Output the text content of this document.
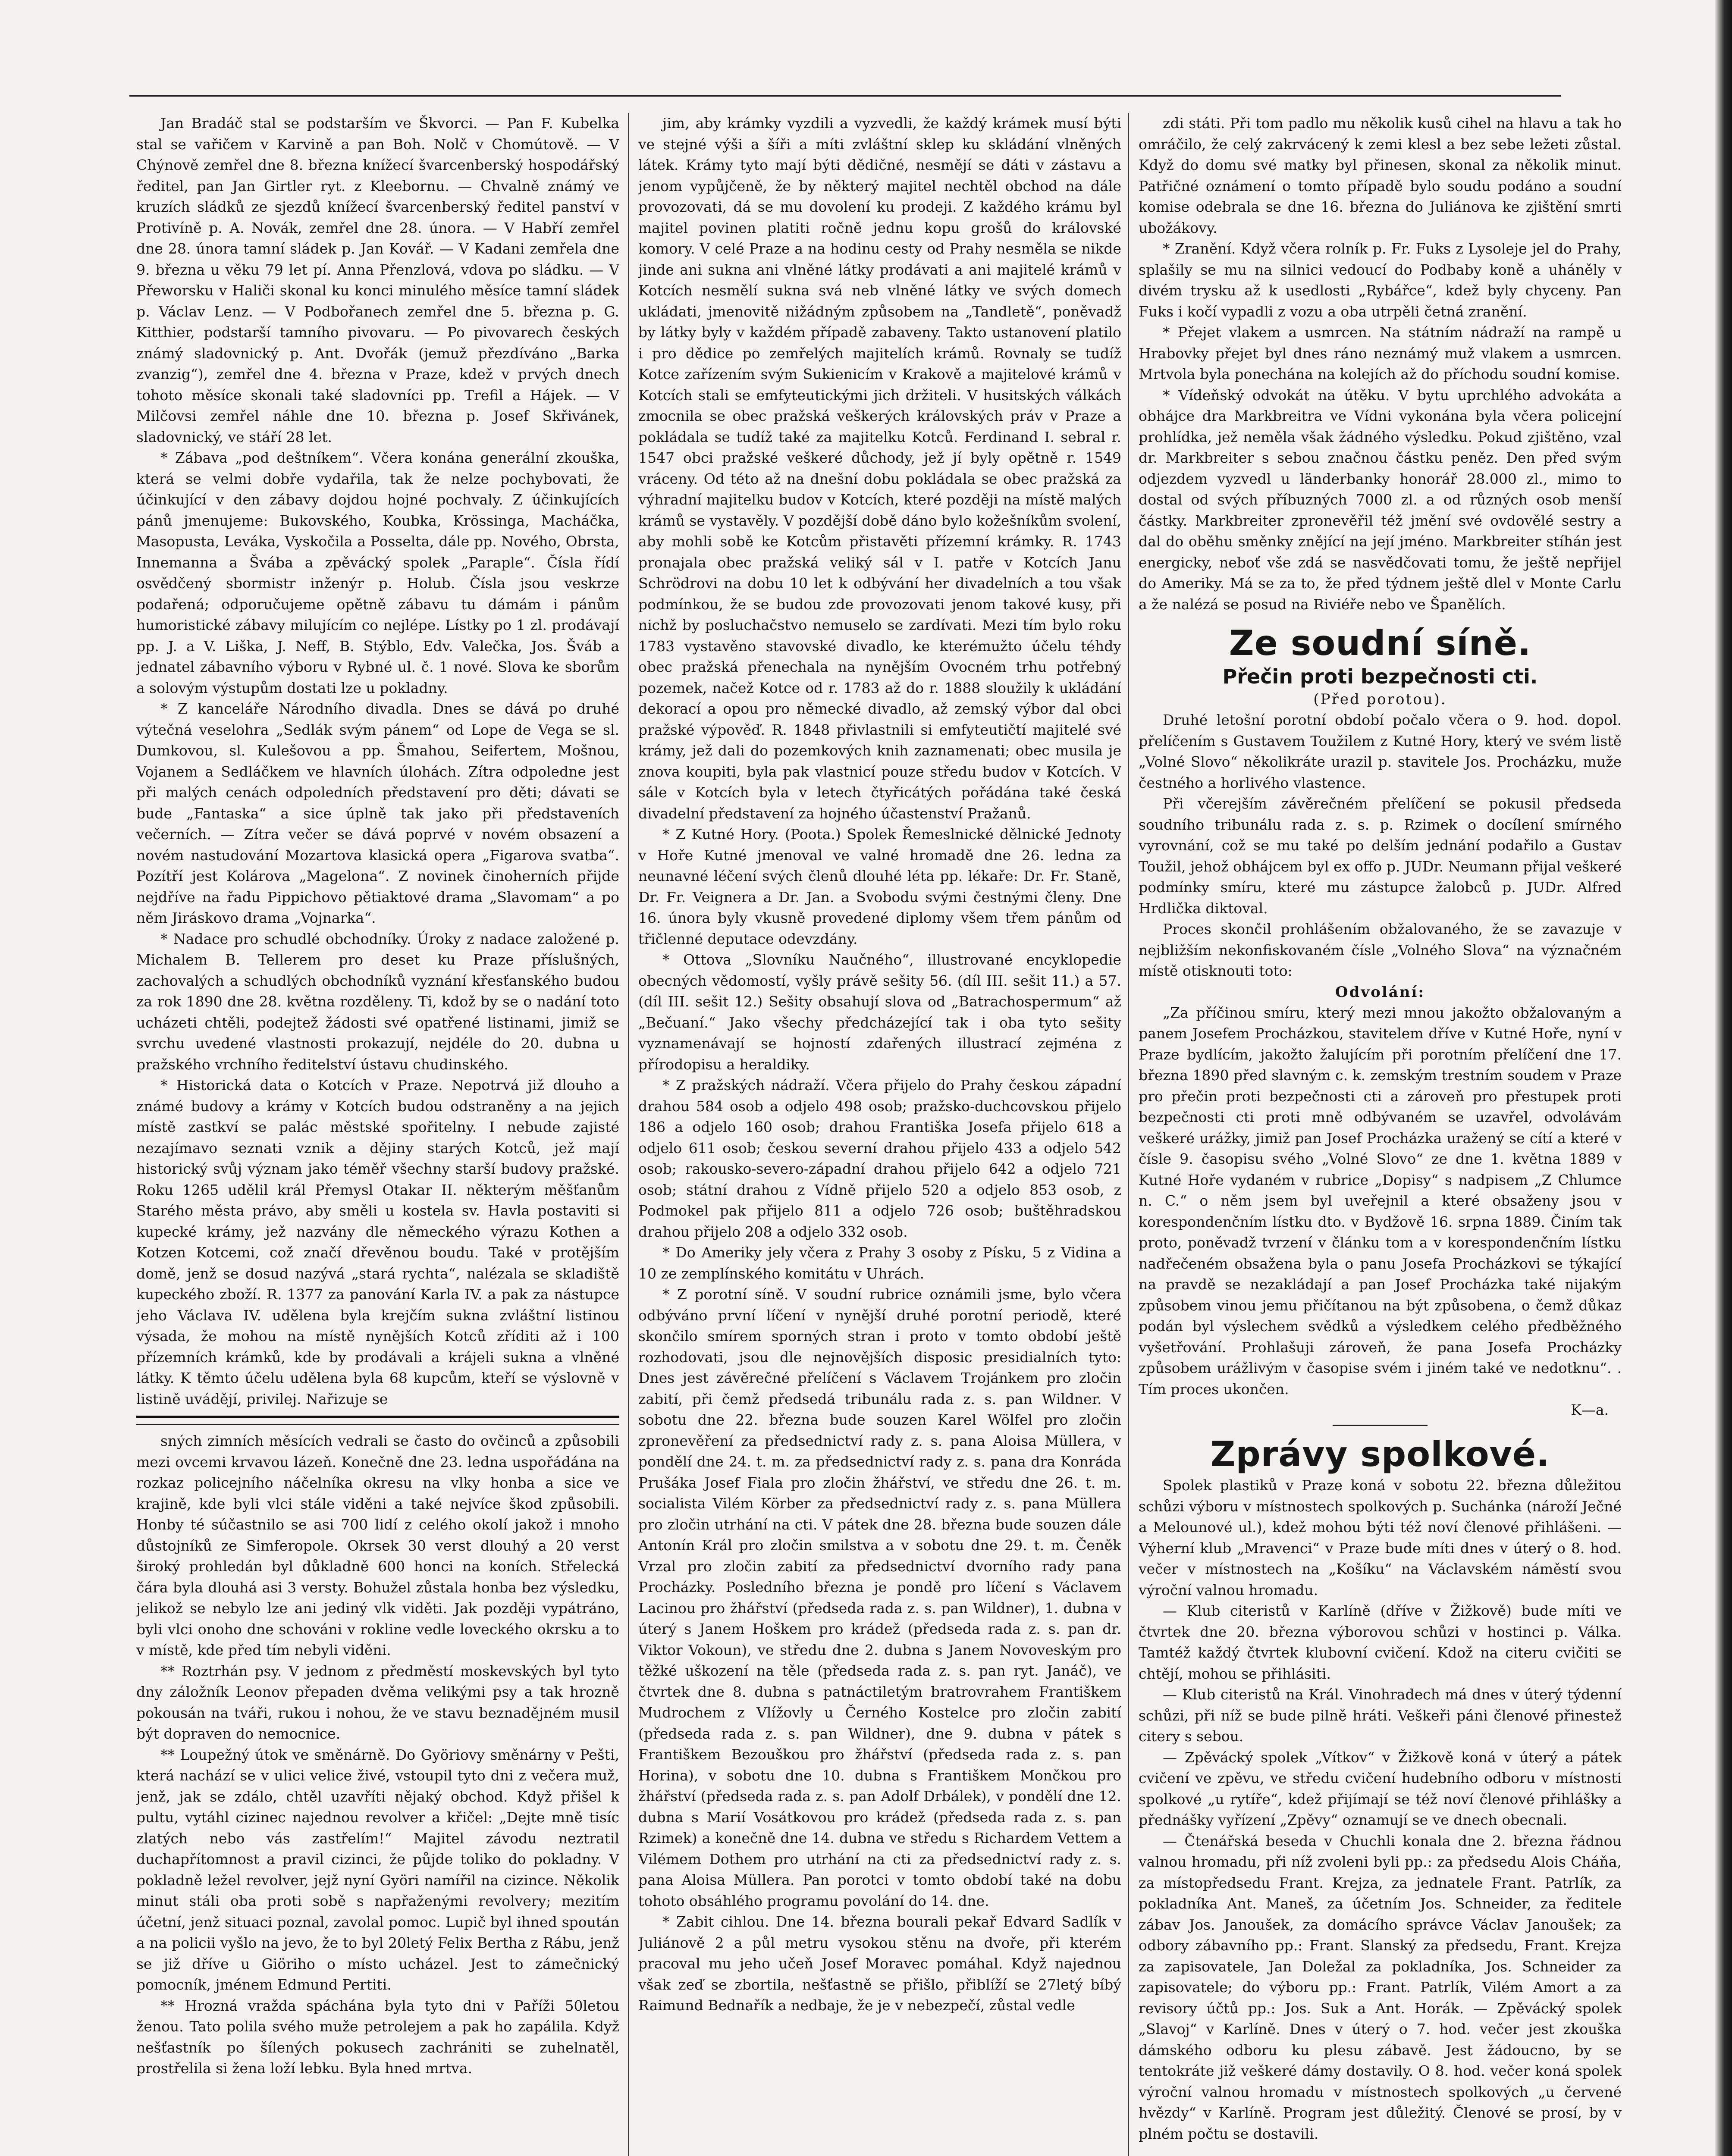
Jan Bradáč stal se podstarším ve Škvorci. — Pan F. Kubelka stal se vařičem v Karvině a pan Boh. Nolč v Chomútově. — V Chýnově zemřel dne 8. března knížecí švarcenberský hospodářský ředitel, pan Jan Girtler ryt. z Kleebornu. — Chvalně známý ve kruzích sládků ze sjezdů knížecí švarcenberský ředitel panství v Protivíně p. A. Novák, zemřel dne 28. února. — V Habří zemřel dne 28. února tamní sládek p. Jan Kovář. — V Kadani zemřela dne 9. března u věku 79 let pí. Anna Přenzlová, vdova po sládku. — V Přeworsku v Haliči skonal ku konci minulého měsíce tamní sládek p. Václav Lenz. — V Podbořanech zemřel dne 5. března p. G. Kitthier, podstarší tamního pivovaru. — Po pivovarech českých známý sladovnický p. Ant. Dvořák (jemuž přezdíváno „Barka zvanzig“), zemřel dne 4. března v Praze, kdež v prvých dnech tohoto měsíce skonali také sladovníci pp. Trefil a Hájek. — V Milčovsi zemřel náhle dne 10. března p. Josef Skřivánek, sladovnický, ve stáří 28 let.

* Zábava „pod deštníkem“. Včera konána generální zkouška, která se velmi dobře vydařila, tak že nelze pochybovati, že účinkující v den zábavy dojdou hojné pochvaly. Z účinkujících pánů jmenujeme: Bukovského, Koubka, Krössinga, Macháčka, Masopusta, Leváka, Vyskočila a Posselta, dále pp. Nového, Obrsta, Innemanna a Švába a zpěvácký spolek „Paraple“. Čísla řídí osvědčený sbormistr inženýr p. Holub. Čísla jsou veskrze podařená; odporučujeme opětně zábavu tu dámám i pánům humoristické zábavy milujícím co nejlépe. Lístky po 1 zl. prodávají pp. J. a V. Liška, J. Neff, B. Stýblo, Edv. Valečka, Jos. Šváb a jednatel zábavního výboru v Rybné ul. č. 1 nové. Slova ke sborům a solovým výstupům dostati lze u pokladny.

* Z kanceláře Národního divadla. Dnes se dává po druhé výtečná veselohra „Sedlák svým pánem“ od Lope de Vega se sl. Dumkovou, sl. Kulešovou a pp. Šmahou, Seifertem, Mošnou, Vojanem a Sedláčkem ve hlavních úlohách. Zítra odpoledne jest při malých cenách odpoledních představení pro děti; dávati se bude „Fantaska“ a sice úplně tak jako při představeních večerních. — Zítra večer se dává poprvé v novém obsazení a novém nastudování Mozartova klasická opera „Figarova svatba“. Pozítří jest Kolárova „Magelona“. Z novinek činoherních přijde nejdříve na řadu Pippichovo pětiaktové drama „Slavomam“ a po něm Jiráskovo drama „Vojnarka“.

* Nadace pro schudlé obchodníky. Úroky z nadace založené p. Michalem B. Tellerem pro deset ku Praze příslušných, zachovalých a schudlých obchodníků vyznání křesťanského budou za rok 1890 dne 28. května rozděleny. Ti, kdož by se o nadání toto ucházeti chtěli, podejtež žádosti své opatřené listinami, jimiž se svrchu uvedené vlastnosti prokazují, nejdéle do 20. dubna u pražského vrchního ředitelství ústavu chudinského.

* Historická data o Kotcích v Praze. Nepotrvá již dlouho a známé budovy a krámy v Kotcích budou odstraněny a na jejich místě zastkví se palác městské spořitelny. I nebude zajisté nezajímavo seznati vznik a dějiny starých Kotců, jež mají historický svůj význam jako téměř všechny starší budovy pražské. Roku 1265 udělil král Přemysl Otakar II. některým měšťanům Starého města právo, aby směli u kostela sv. Havla postaviti si kupecké krámy, jež nazvány dle německého výrazu Kothen a Kotzen Kotcemi, což značí dřevěnou boudu. Také v protějším domě, jenž se dosud nazývá „stará rychta“, nalézala se skladiště kupeckého zboží. R. 1377 za panování Karla IV. a pak za nástupce jeho Václava IV. udělena byla krejčím sukna zvláštní listinou výsada, že mohou na místě nynějších Kotců zříditi až i 100 přízemních krámků, kde by prodávali a krájeli sukna a vlněné látky. K těmto účelu udělena byla 68 kupcům, kteří se výslovně v listině uvádějí, privilej. Nařizuje se

sných zimních měsících vedrali se často do ovčinců a způsobili mezi ovcemi krvavou lázeň. Konečně dne 23. ledna uspořádána na rozkaz policejního náčelníka okresu na vlky honba a sice ve krajině, kde byli vlci stále viděni a také nejvíce škod způsobili. Honby té súčastnilo se asi 700 lidí z celého okolí jakož i mnoho důstojníků ze Simferopole. Okrsek 30 verst dlouhý a 20 verst široký prohledán byl důkladně 600 honci na koních. Střelecká čára byla dlouhá asi 3 versty. Bohužel zůstala honba bez výsledku, jelikož se nebylo lze ani jediný vlk viděti. Jak později vypátráno, byli vlci onoho dne schováni v rokline vedle loveckého okrsku a to v místě, kde před tím nebyli viděni.

** Roztrhán psy. V jednom z předměstí moskevských byl tyto dny záložník Leonov přepaden dvěma velikými psy a tak hrozně pokousán na tváři, rukou i nohou, že ve stavu beznadějném musil být dopraven do nemocnice.

** Loupežný útok ve směnárně. Do Györiovy směnárny v Pešti, která nachází se v ulici velice živé, vstoupil tyto dni z večera muž, jenž, jak se zdálo, chtěl uzavříti nějaký obchod. Když přišel k pultu, vytáhl cizinec najednou revolver a křičel: „Dejte mně tisíc zlatých nebo vás zastřelím!“ Majitel závodu neztratil duchapřítomnost a pravil cizinci, že půjde toliko do pokladny. V pokladně ležel revolver, jejž nyní Györi namířil na cizince. Několik minut stáli oba proti sobě s napřaženými revolvery; mezitím účetní, jenž situaci poznal, zavolal pomoc. Lupič byl ihned spoután a na policii vyšlo na jevo, že to byl 20letý Felix Bertha z Rábu, jenž se již dříve u Giöriho o místo ucházel. Jest to zámečnický pomocník, jménem Edmund Pertiti.

** Hrozná vražda spáchána byla tyto dni v Paříži 50letou ženou. Tato polila svého muže petrolejem a pak ho zapálila. Když nešťastník po šílených pokusech zachrániti se zuhelnatěl, prostřelila si žena loží lebku. Byla hned mrtva.

jim, aby krámky vyzdili a vyzvedli, že každý krámek musí býti ve stejné výši a šíři a míti zvláštní sklep ku skládání vlněných látek. Krámy tyto mají býti dědičné, nesmějí se dáti v zástavu a jenom vypůjčeně, že by některý majitel nechtěl obchod na dále provozovati, dá se mu dovolení ku prodeji. Z každého krámu byl majitel povinen platiti ročně jednu kopu grošů do královské komory. V celé Praze a na hodinu cesty od Prahy nesměla se nikde jinde ani sukna ani vlněné látky prodávati a ani majitelé krámů v Kotcích nesmělí sukna svá neb vlněné látky ve svých domech ukládati, jmenovitě nižádným způsobem na „Tandletě“, poněvadž by látky byly v každém případě zabaveny. Takto ustanovení platilo i pro dědice po zemřelých majitelích krámů. Rovnaly se tudíž Kotce zařízením svým Sukienicím v Krakově a majitelové krámů v Kotcích stali se emfyteutickými jich držiteli. V husitských válkách zmocnila se obec pražská veškerých královských práv v Praze a pokládala se tudíž také za majitelku Kotců. Ferdinand I. sebral r. 1547 obci pražské veškeré důchody, jež jí byly opětně r. 1549 vráceny. Od této až na dnešní dobu pokládala se obec pražská za výhradní majitelku budov v Kotcích, které později na místě malých krámů se vystavěly. V pozdější době dáno bylo kožešníkům svolení, aby mohli sobě ke Kotcům přistavěti přízemní krámky. R. 1743 pronajala obec pražská veliký sál v I. patře v Kotcích Janu Schrödrovi na dobu 10 let k odbývání her divadelních a tou však podmínkou, že se budou zde provozovati jenom takové kusy, při nichž by posluchačstvo nemuselo se zardívati. Mezi tím bylo roku 1783 vystavěno stavovské divadlo, ke kterémužto účelu téhdy obec pražská přenechala na nynějším Ovocném trhu potřebný pozemek, načež Kotce od r. 1783 až do r. 1888 sloužily k ukládání dekorací a opou pro německé divadlo, až zemský výbor dal obci pražské výpověď. R. 1848 přivlastnili si emfyteutičtí majitelé své krámy, jež dali do pozemkových knih zaznamenati; obec musila je znova koupiti, byla pak vlastnicí pouze středu budov v Kotcích. V sále v Kotcích byla v letech čtyřicátých pořádána také česká divadelní představení za hojného účastenství Pražanů.

* Z Kutné Hory. (Poota.) Spolek Řemeslnické dělnické Jednoty v Hoře Kutné jmenoval ve valné hromadě dne 26. ledna za neunavné léčení svých členů dlouhé léta pp. lékaře: Dr. Fr. Staně, Dr. Fr. Veignera a Dr. Jan. a Svobodu svými čestnými členy. Dne 16. února byly vkusně provedené diplomy všem třem pánům od třičlenné deputace odevzdány.

* Ottova „Slovníku Naučného“, illustrované encyklopedie obecných vědomostí, vyšly právě sešity 56. (díl III. sešit 11.) a 57. (díl III. sešit 12.) Sešity obsahují slova od „Batrachospermum“ až „Bečuaní.“ Jako všechy předcházející tak i oba tyto sešity vyznamenávají se hojností zdařených illustrací zejména z přírodopisu a heraldiky.

* Z pražských nádraží. Včera přijelo do Prahy českou západní drahou 584 osob a odjelo 498 osob; pražsko-duchcovskou přijelo 186 a odjelo 160 osob; drahou Františka Josefa přijelo 618 a odjelo 611 osob; českou severní drahou přijelo 433 a odjelo 542 osob; rakousko-severo-západní drahou přijelo 642 a odjelo 721 osob; státní drahou z Vídně přijelo 520 a odjelo 853 osob, z Podmokel pak přijelo 811 a odjelo 726 osob; buštěhradskou drahou přijelo 208 a odjelo 332 osob.

* Do Ameriky jely včera z Prahy 3 osoby z Písku, 5 z Vidina a 10 ze zemplínského komitátu v Uhrách.

* Z porotní síně. V soudní rubrice oznámili jsme, bylo včera odbýváno první líčení v nynější druhé porotní periodě, které skončilo smírem sporných stran i proto v tomto období ještě rozhodovati, jsou dle nejnovějších disposic presidialních tyto: Dnes jest závěrečné přelíčení s Václavem Trojánkem pro zločin zabití, při čemž předsedá tribunálu rada z. s. pan Wildner. V sobotu dne 22. března bude souzen Karel Wölfel pro zločin zpronevěření za předsednictví rady z. s. pana Aloisa Müllera, v pondělí dne 24. t. m. za předsednictví rady z. s. pana dra Konráda Prušáka Josef Fiala pro zločin žhářství, ve středu dne 26. t. m. socialista Vilém Körber za předsednictví rady z. s. pana Müllera pro zločin utrhání na cti. V pátek dne 28. března bude souzen dále Antonín Král pro zločin smilstva a v sobotu dne 29. t. m. Čeněk Vrzal pro zločin zabití za předsednictví dvorního rady pana Procházky. Posledního března je pondě pro líčení s Václavem Lacinou pro žhářství (předseda rada z. s. pan Wildner), 1. dubna v úterý s Janem Hoškem pro krádež (předseda rada z. s. pan dr. Viktor Vokoun), ve středu dne 2. dubna s Janem Novoveským pro těžké uškození na těle (předseda rada z. s. pan ryt. Janáč), ve čtvrtek dne 8. dubna s patnáctiletým bratrovrahem Františkem Mudrochem z Vlížovly u Černého Kostelce pro zločin zabití (předseda rada z. s. pan Wildner), dne 9. dubna v pátek s Františkem Bezouškou pro žhářství (předseda rada z. s. pan Horina), v sobotu dne 10. dubna s Františkem Mončkou pro žhářství (předseda rada z. s. pan Adolf Drbálek), v pondělí dne 12. dubna s Marií Vosátkovou pro krádež (předseda rada z. s. pan Rzimek) a konečně dne 14. dubna ve středu s Richardem Vettem a Vilémem Dothem pro utrhání na cti za předsednictví rady z. s. pana Aloisa Müllera. Pan porotci v tomto období také na dobu tohoto obsáhlého programu povolání do 14. dne.

* Zabit cihlou. Dne 14. března bourali pekař Edvard Sadlík v Juliánově 2 a půl metru vysokou stěnu na dvoře, při kterém pracoval mu jeho učeň Josef Moravec pomáhal. Když najednou však zeď se zbortila, nešťastně se přišlo, přiblíží se 27letý bíbý Raimund Bednařík a nedbaje, že je v nebezpečí, zůstal vedle

zdi státi. Při tom padlo mu několik kusů cihel na hlavu a tak ho omráčilo, že celý zakrvácený k zemi klesl a bez sebe ležeti zůstal. Když do domu své matky byl přinesen, skonal za několik minut. Patřičné oznámení o tomto případě bylo soudu podáno a soudní komise odebrala se dne 16. března do Juliánova ke zjištění smrti ubožákovy.

* Zranění. Když včera rolník p. Fr. Fuks z Lysoleje jel do Prahy, splašily se mu na silnici vedoucí do Podbaby koně a uháněly v divém trysku až k usedlosti „Rybářce“, kdež byly chyceny. Pan Fuks i kočí vypadli z vozu a oba utrpěli četná zranění.

* Přejet vlakem a usmrcen. Na státním nádraží na rampě u Hrabovky přejet byl dnes ráno neznámý muž vlakem a usmrcen. Mrtvola byla ponechána na kolejích až do příchodu soudní komise.

* Vídeňský odvokát na útěku. V bytu uprchlého advokáta a obhájce dra Markbreitra ve Vídni vykonána byla včera policejní prohlídka, jež neměla však žádného výsledku. Pokud zjištěno, vzal dr. Markbreiter s sebou značnou částku peněz. Den před svým odjezdem vyzvedl u länderbanky honorář 28.000 zl., mimo to dostal od svých příbuzných 7000 zl. a od různých osob menší částky. Markbreiter zpronevěřil též jmění své ovdovělé sestry a dal do oběhu směnky znějící na její jméno. Markbreiter stíhán jest energicky, neboť vše zdá se nasvědčovati tomu, že ještě nepřijel do Ameriky. Má se za to, že před týdnem ještě dlel v Monte Carlu a že nalézá se posud na Riviéře nebo ve Španělích.

Ze soudní síně.
Přečin proti bezpečnosti cti.
(Před porotou).

Druhé letošní porotní období počalo včera o 9. hod. dopol. přelíčením s Gustavem Toužilem z Kutné Hory, který ve svém listě „Volné Slovo“ několikráte urazil p. stavitele Jos. Procházku, muže čestného a horlivého vlastence.

Při včerejším závěrečném přelíčení se pokusil předseda soudního tribunálu rada z. s. p. Rzimek o docílení smírného vyrovnání, což se mu také po delším jednání podařilo a Gustav Toužil, jehož obhájcem byl ex offo p. JUDr. Neumann přijal veškeré podmínky smíru, které mu zástupce žalobců p. JUDr. Alfred Hrdlička diktoval.

Proces skončil prohlášením obžalovaného, že se zavazuje v nejbližším nekonfiskovaném čísle „Volného Slova“ na význačném místě otisknouti toto:

Odvolání:

„Za příčinou smíru, který mezi mnou jakožto obžalovaným a panem Josefem Procházkou, stavitelem dříve v Kutné Hoře, nyní v Praze bydlícím, jakožto žalujícím při porotním přelíčení dne 17. března 1890 před slavným c. k. zemským trestním soudem v Praze pro přečin proti bezpečnosti cti a zároveň pro přestupek proti bezpečnosti cti proti mně odbývaném se uzavřel, odvolávám veškeré urážky, jimiž pan Josef Procházka uražený se cítí a které v čísle 9. časopisu svého „Volné Slovo“ ze dne 1. května 1889 v Kutné Hoře vydaném v rubrice „Dopisy“ s nadpisem „Z Chlumce n. C.“ o něm jsem byl uveřejnil a které obsaženy jsou v korespondenčním lístku dto. v Bydžově 16. srpna 1889. Činím tak proto, poněvadž tvrzení v článku tom a v korespondenčním lístku nadřečeném obsažena byla o panu Josefa Procházkovi se týkající na pravdě se nezakládají a pan Josef Procházka také nijakým způsobem vinou jemu přičítanou na být způsobena, o čemž důkaz podán byl výslechem svědků a výsledkem celého předběžného vyšetřování. Prohlašuji zároveň, že pana Josefa Procházky způsobem urážlivým v časopise svém i jiném také ve nedotknu“. . Tím proces ukončen.

K—a.
Zprávy spolkové.

Spolek plastiků v Praze koná v sobotu 22. března důležitou schůzi výboru v místnostech spolkových p. Suchánka (nároží Ječné a Melounové ul.), kdež mohou býti též noví členové přihlášeni. — Výherní klub „Mravenci“ v Praze bude míti dnes v úterý o 8. hod. večer v místnostech na „Košíku“ na Václavském náměstí svou výroční valnou hromadu.

— Klub citeristů v Karlíně (dříve v Žižkově) bude míti ve čtvrtek dne 20. března výborovou schůzi v hostinci p. Válka. Tamtéž každý čtvrtek klubovní cvičení. Kdož na citeru cvičiti se chtějí, mohou se přihlásiti.

— Klub citeristů na Král. Vinohradech má dnes v úterý týdenní schůzi, při níž se bude pilně hráti. Veškeři páni členové přinestež citery s sebou.

— Zpěvácký spolek „Vítkov“ v Žižkově koná v úterý a pátek cvičení ve zpěvu, ve středu cvičení hudebního odboru v místnosti spolkové „u rytíře“, kdež přijímají se též noví členové přihlášky a přednášky vyřízení „Zpěvy“ oznamují se ve dnech obecnali.

— Čtenářská beseda v Chuchli konala dne 2. března řádnou valnou hromadu, při níž zvoleni byli pp.: za předsedu Alois Cháňa, za místopředsedu Frant. Krejza, za jednatele Frant. Patrlík, za pokladníka Ant. Maneš, za účetním Jos. Schneider, za ředitele zábav Jos. Janoušek, za domácího správce Václav Janoušek; za odbory zábavního pp.: Frant. Slanský za předsedu, Frant. Krejza za zapisovatele, Jan Doležal za pokladníka, Jos. Schneider za zapisovatele; do výboru pp.: Frant. Patrlík, Vilém Amort a za revisory účtů pp.: Jos. Suk a Ant. Horák. — Zpěvácký spolek „Slavoj“ v Karlíně. Dnes v úterý o 7. hod. večer jest zkouška dámského odboru ku plesu zábavě. Jest žádoucno, by se tentokráte již veškeré dámy dostavily. O 8. hod. večer koná spolek výroční valnou hromadu v místnostech spolkových „u červené hvězdy“ v Karlíně. Program jest důležitý. Členové se prosí, by v plném počtu se dostavili.
